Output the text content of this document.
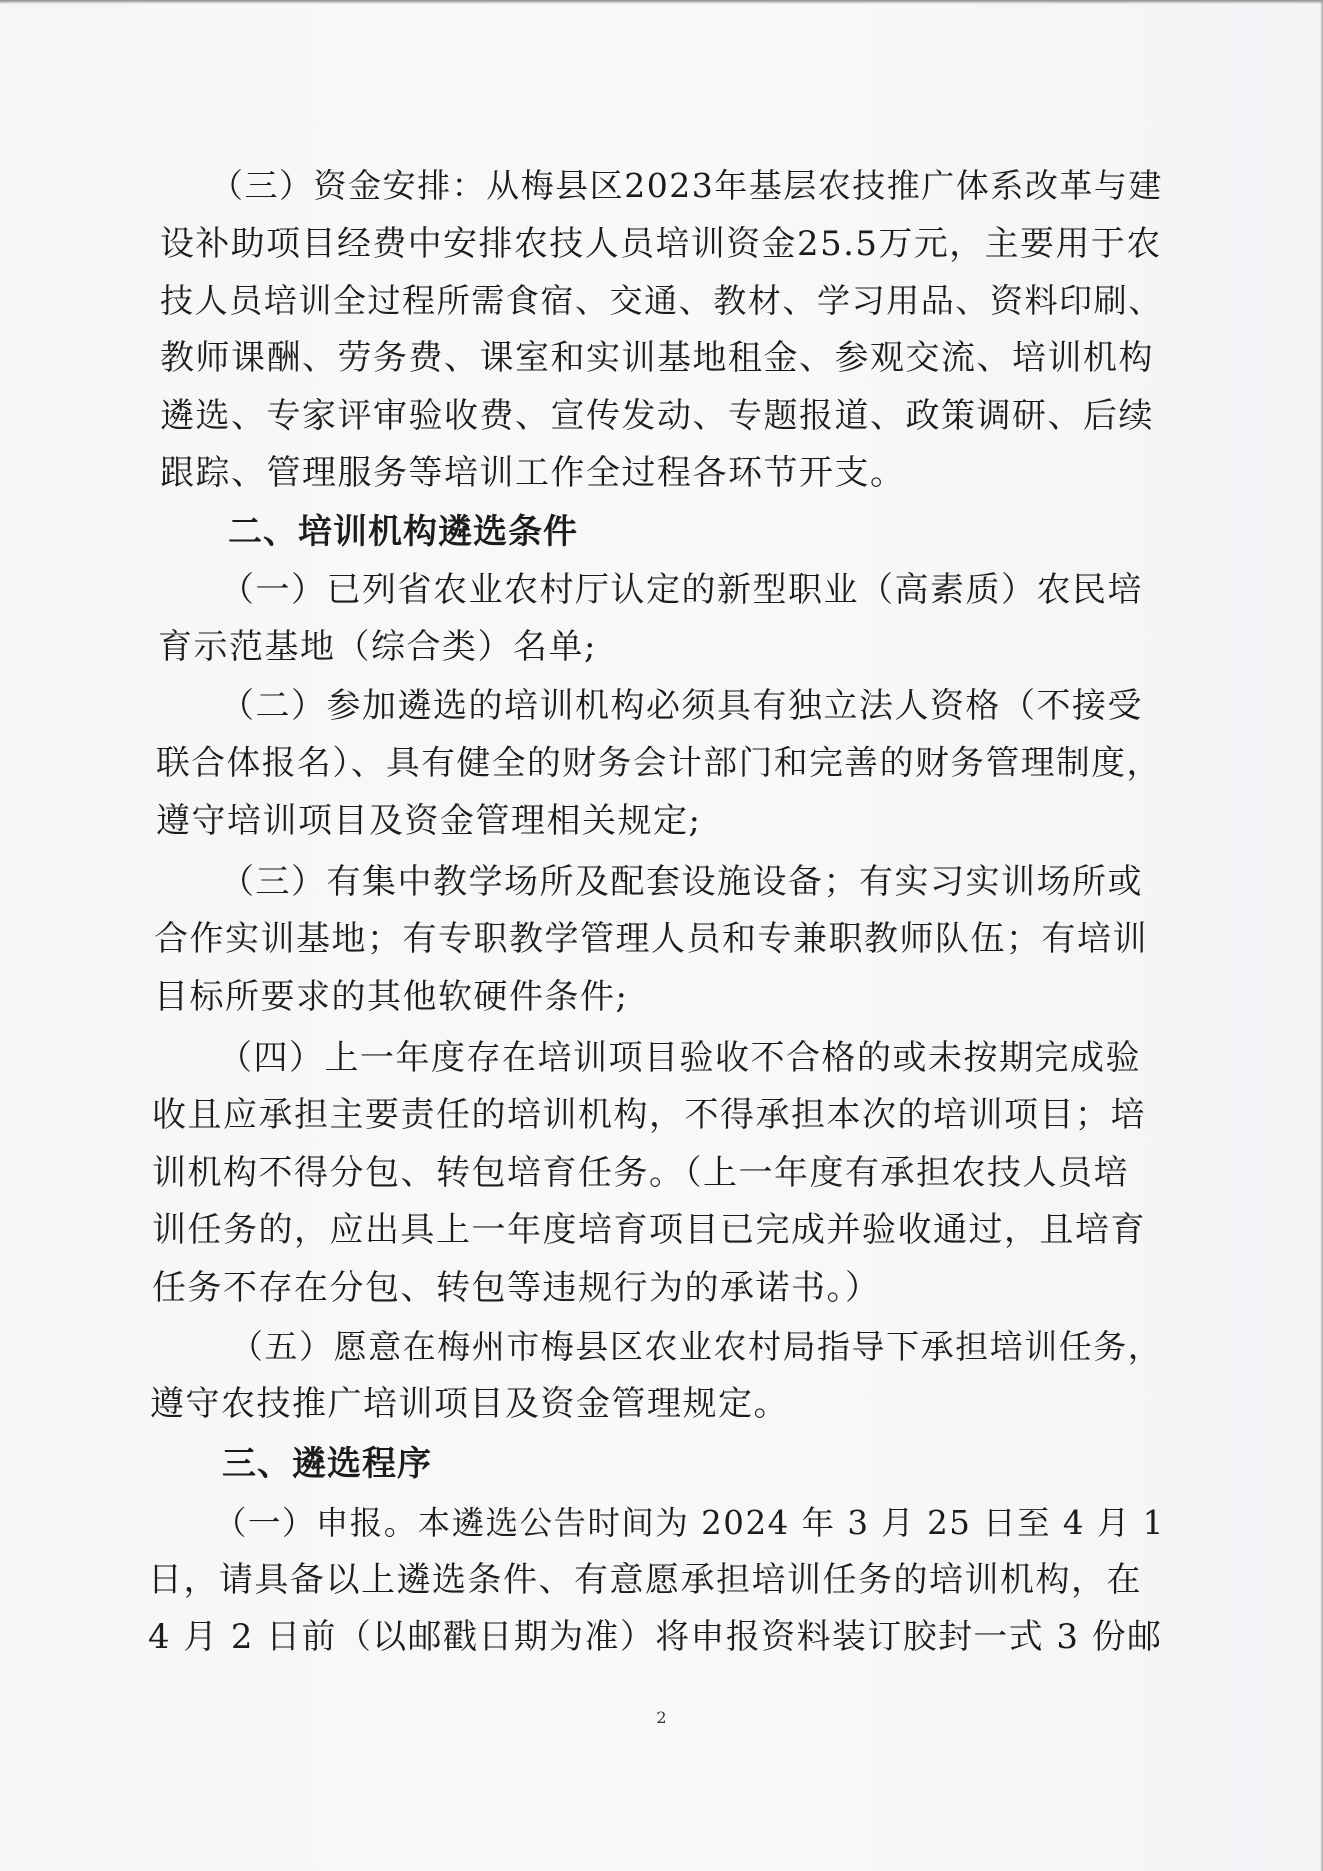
（三）资金安排：从梅县区2023年基层农技推广体系改革与建
设补助项目经费中安排农技人员培训资金25.5万元，主要用于农
技人员培训全过程所需食宿、交通、教材、学习用品、资料印刷、
教师课酬、劳务费、课室和实训基地租金、参观交流、培训机构
遴选、专家评审验收费、宣传发动、专题报道、政策调研、后续
跟踪、管理服务等培训工作全过程各环节开支。
二、培训机构遴选条件
（一）已列省农业农村厅认定的新型职业（高素质）农民培
育示范基地（综合类）名单;
（二）参加遴选的培训机构必须具有独立法人资格（不接受
联合体报名）、具有健全的财务会计部门和完善的财务管理制度，
遵守培训项目及资金管理相关规定;
（三）有集中教学场所及配套设施设备；有实习实训场所或
合作实训基地；有专职教学管理人员和专兼职教师队伍；有培训
目标所要求的其他软硬件条件;
（四）上一年度存在培训项目验收不合格的或未按期完成验
收且应承担主要责任的培训机构，不得承担本次的培训项目；培
训机构不得分包、转包培育任务。（上一年度有承担农技人员培
训任务的，应出具上一年度培育项目已完成并验收通过，且培育
任务不存在分包、转包等违规行为的承诺书。）
（五）愿意在梅州市梅县区农业农村局指导下承担培训任务，
遵守农技推广培训项目及资金管理规定。
三、遴选程序
（一）申报。本遴选公告时间为 2024 年 3 月 25 日至 4 月 1
日，请具备以上遴选条件、有意愿承担培训任务的培训机构，在
4 月 2 日前（以邮戳日期为准）将申报资料装订胶封一式 3 份邮
2
